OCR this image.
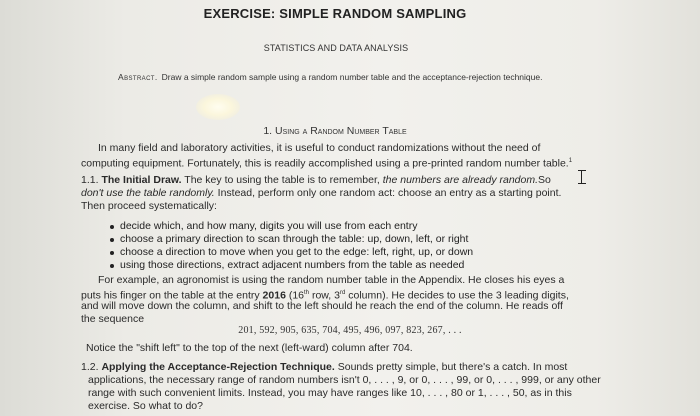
EXERCISE: SIMPLE RANDOM SAMPLING
STATISTICS AND DATA ANALYSIS
Abstract. Draw a simple random sample using a random number table and the acceptance-rejection technique.
1. Using a Random Number Table
In many field and laboratory activities, it is useful to conduct randomizations without the need of
computing equipment. Fortunately, this is readily accomplished using a pre-printed random number table.$^1$
1.1. The Initial Draw. The key to using the table is to remember, the numbers are already random.So
don't use the table randomly. Instead, perform only one random act: choose an entry as a starting point.
Then proceed systematically:
decide which, and how many, digits you will use from each entry
choose a primary direction to scan through the table: up, down, left, or right
choose a direction to move when you get to the edge: left, right, up, or down
using those directions, extract adjacent numbers from the table as needed
For example, an agronomist is using the random number table in the Appendix. He closes his eyes a
puts his finger on the table at the entry 2016 (16th row, 3rd column). He decides to use the 3 leading digits,
and will move down the column, and shift to the left should he reach the end of the column. He reads off
the sequence
201, 592, 905, 635, 704, 495, 496, 097, 823, 267, . . .
Notice the "shift left" to the top of the next (left-ward) column after 704.
1.2. Applying the Acceptance-Rejection Technique. Sounds pretty simple, but there's a catch. In most
applications, the necessary range of random numbers isn't 0, . . . , 9, or 0, . . . , 99, or 0, . . . , 999, or any other
range with such convenient limits. Instead, you may have ranges like 10, . . . , 80 or 1, . . . , 50, as in this
exercise. So what to do?
